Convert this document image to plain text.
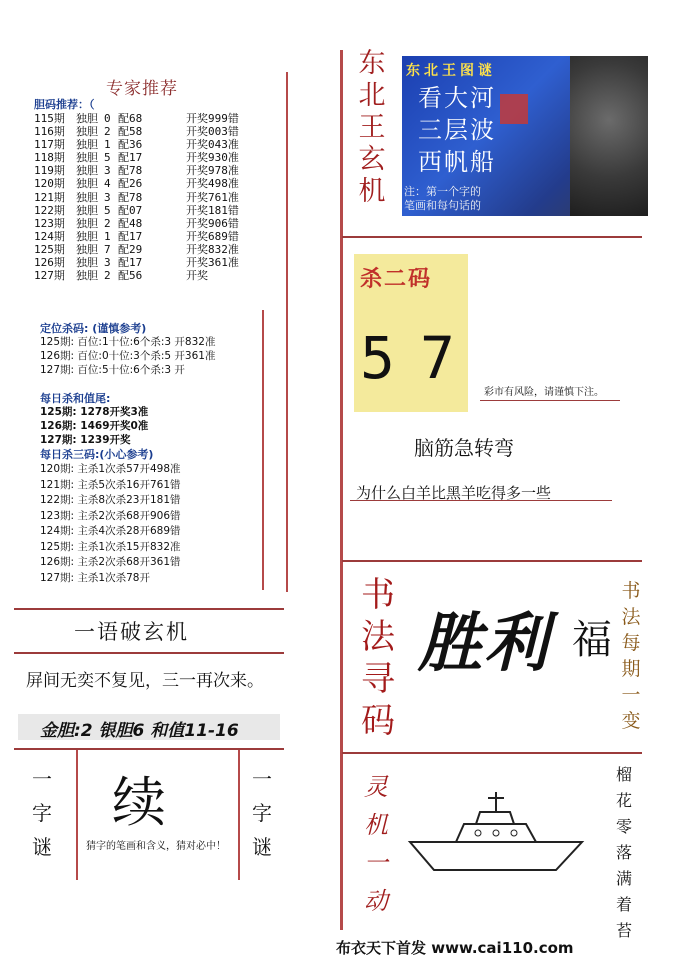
专家推荐
胆码推荐：（
115期	独胆 0 配68	开奖999错
116期	独胆 2 配58	开奖003错
117期	独胆 1 配36	开奖043准
118期	独胆 5 配17	开奖930准
119期	独胆 3 配78	开奖978准
120期	独胆 4 配26	开奖498准
121期	独胆 3 配78	开奖761准
122期	独胆 5 配07	开奖181错
123期	独胆 2 配48	开奖906错
124期	独胆 1 配17	开奖689错
125期	独胆 7 配29	开奖832准
126期	独胆 3 配17	开奖361准
127期	独胆 2 配56	开奖
定位杀码: (谨慎参考)
125期: 百位:1十位:6个杀:3 开832准
126期: 百位:0十位:3个杀:5 开361准
127期: 百位:5十位:6个杀:3 开
每日杀和值尾:
125期: 1278开奖3准
126期: 1469开奖0准
127期: 1239开奖
每日杀三码:(小心参考)
120期: 主杀1次杀57开498准
121期: 主杀5次杀16开761错
122期: 主杀8次杀23开181错
123期: 主杀2次杀68开906错
124期: 主杀4次杀28开689错
125期: 主杀1次杀15开832准
126期: 主杀2次杀68开361错
127期: 主杀1次杀78开
一语破玄机
屏间无奕不复见，三一再次来。
金胆:2 银胆6 和值11-16
一
字
谜
一
字
谜
续
猜字的笔画和含义，猜对必中！
东
北
王
玄
机
东北王图谜
看大河
三层波
西帆船
注：第一个字的
笔画和每句话的
杀二码
5 7
彩市有风险，请谨慎下注。
脑筋急转弯
为什么白羊比黑羊吃得多一些
书
法
寻
码
胜利 福
书
法
每
期
一
变
灵
机
一
动
榴
花
零
落
满
着
苔
布衣天下首发 www.cai110.com
